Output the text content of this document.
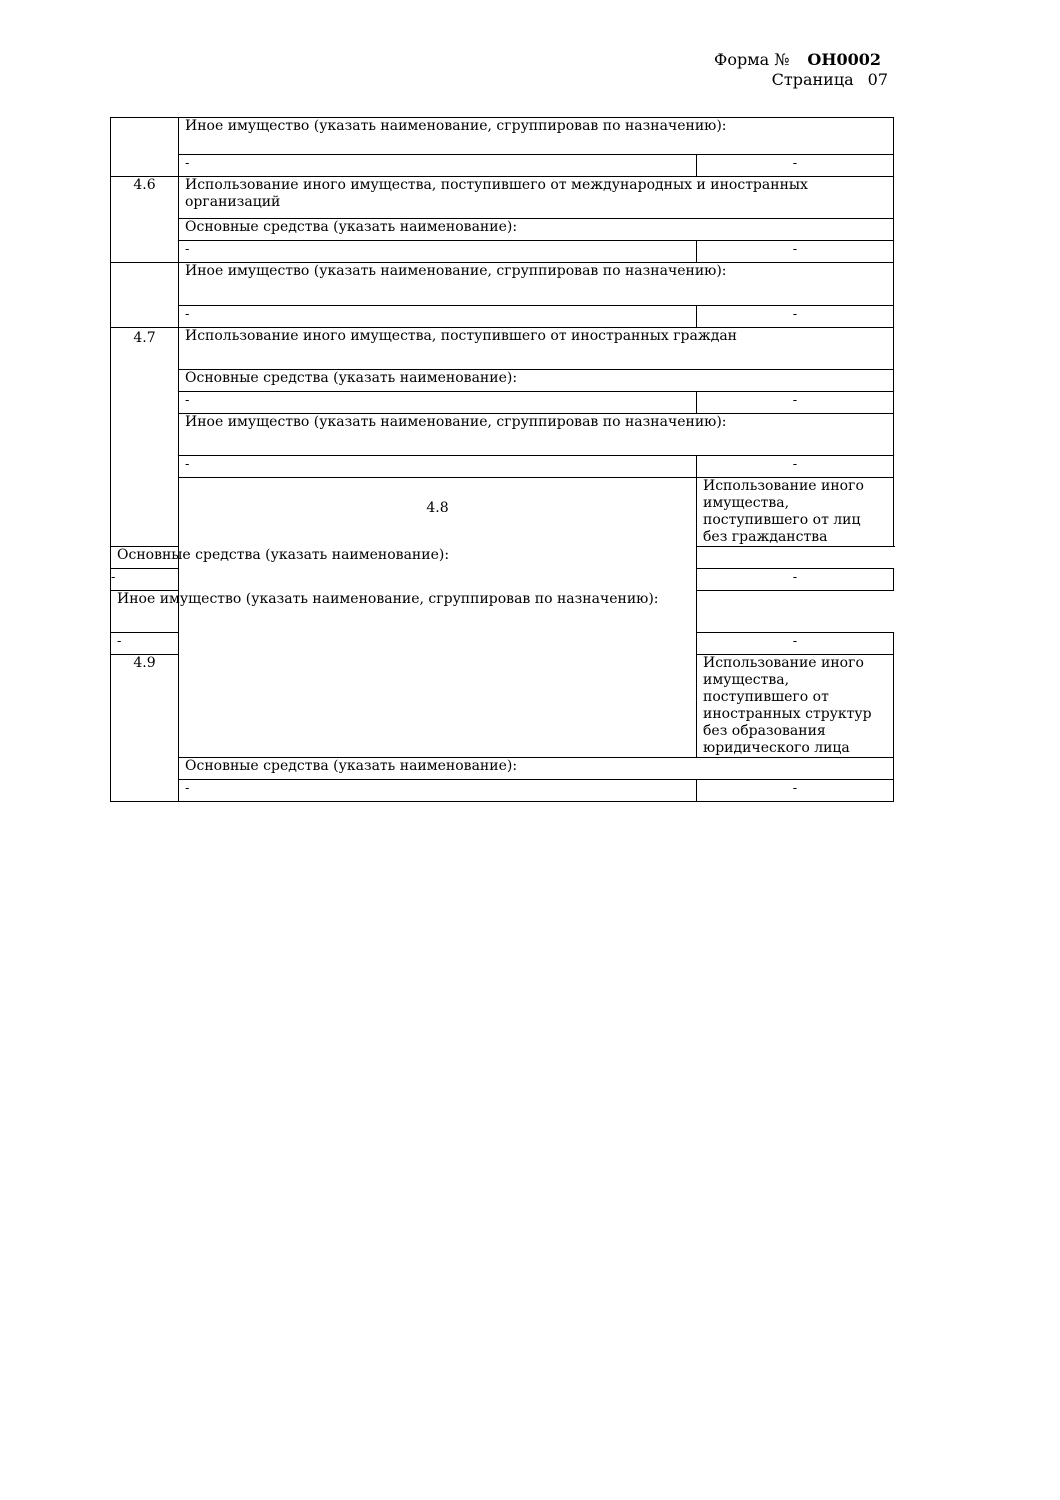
Форма № ОН0002
Страница 07
	Иное имущество (указать наименование, сгруппировав по назначению):	
	-	-
4.6	Использование иного имущества, поступившего от международных и иностранных организаций	
	Основные средства (указать наименование):	
	-	-
	Иное имущество (указать наименование, сгруппировав по назначению):	
	-	-
4.7	Использование иного имущества, поступившего от иностранных граждан	
	Основные средства (указать наименование):	
	-	-
	Иное имущество (указать наименование, сгруппировав по назначению):	
	-	-
	4.8	Использование иного имущества, поступившего от лиц без гражданства
Основные средства (указать наименование):		
-		-
Иное имущество (указать наименование, сгруппировав по назначению):		
-		-
4.9		Использование иного имущества, поступившего от иностранных структур без образования юридического лица
	Основные средства (указать наименование):	
	-	-
